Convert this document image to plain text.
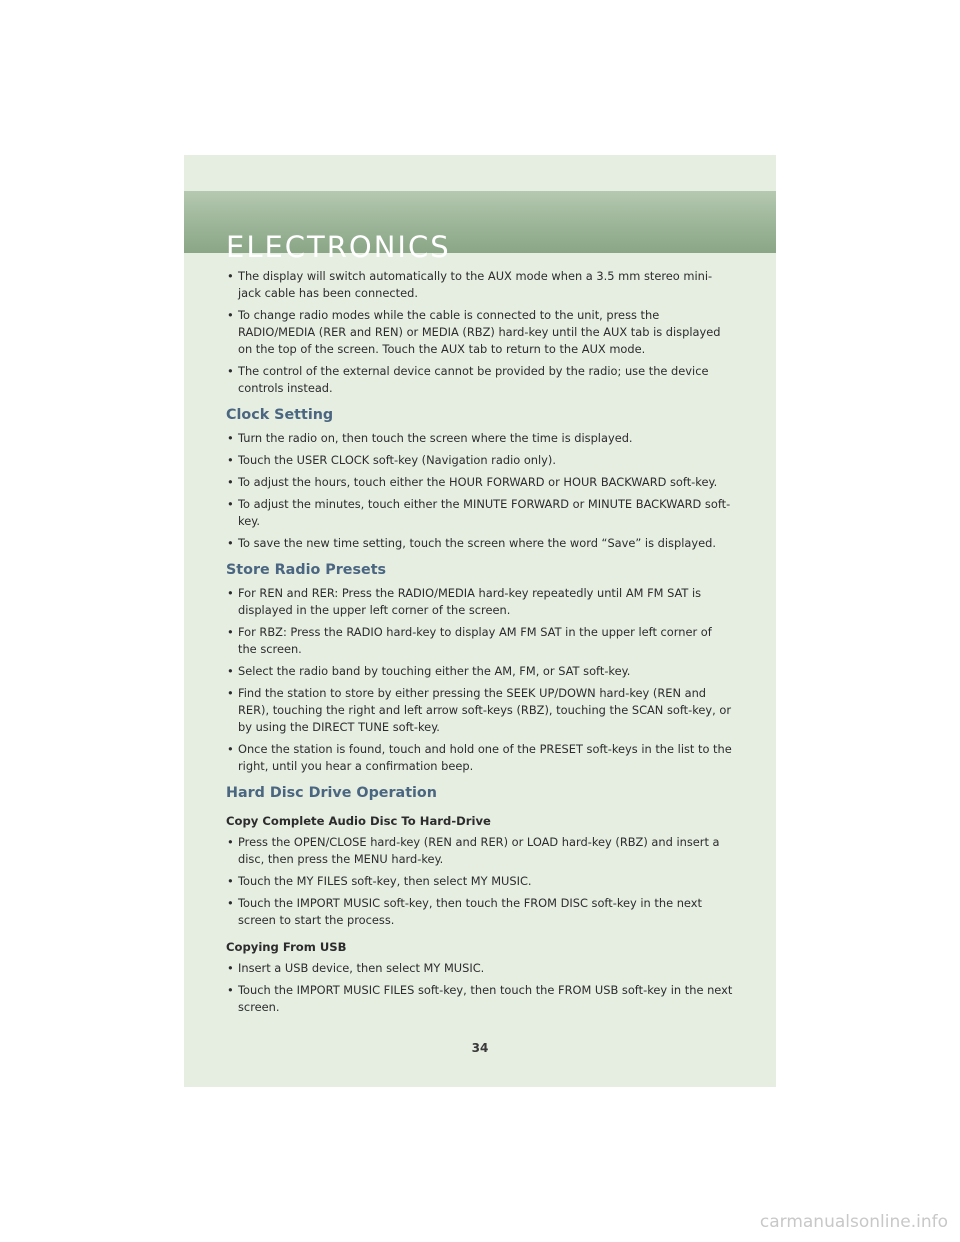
ELECTRONICS
• The display will switch automatically to the AUX mode when a 3.5 mm stereo mini-jack cable has been connected.
• To change radio modes while the cable is connected to the unit, press the RADIO/MEDIA (RER and REN) or MEDIA (RBZ) hard-key until the AUX tab is displayed on the top of the screen. Touch the AUX tab to return to the AUX mode.
• The control of the external device cannot be provided by the radio; use the device controls instead.
Clock Setting
• Turn the radio on, then touch the screen where the time is displayed.
• Touch the USER CLOCK soft-key (Navigation radio only).
• To adjust the hours, touch either the HOUR FORWARD or HOUR BACKWARD soft-key.
• To adjust the minutes, touch either the MINUTE FORWARD or MINUTE BACKWARD soft-key.
• To save the new time setting, touch the screen where the word “Save” is displayed.
Store Radio Presets
• For REN and RER: Press the RADIO/MEDIA hard-key repeatedly until AM FM SAT is displayed in the upper left corner of the screen.
• For RBZ: Press the RADIO hard-key to display AM FM SAT in the upper left corner of the screen.
• Select the radio band by touching either the AM, FM, or SAT soft-key.
• Find the station to store by either pressing the SEEK UP/DOWN hard-key (REN and RER), touching the right and left arrow soft-keys (RBZ), touching the SCAN soft-key, or by using the DIRECT TUNE soft-key.
• Once the station is found, touch and hold one of the PRESET soft-keys in the list to the right, until you hear a confirmation beep.
Hard Disc Drive Operation
Copy Complete Audio Disc To Hard-Drive
• Press the OPEN/CLOSE hard-key (REN and RER) or LOAD hard-key (RBZ) and insert a disc, then press the MENU hard-key.
• Touch the MY FILES soft-key, then select MY MUSIC.
• Touch the IMPORT MUSIC soft-key, then touch the FROM DISC soft-key in the next screen to start the process.
Copying From USB
• Insert a USB device, then select MY MUSIC.
• Touch the IMPORT MUSIC FILES soft-key, then touch the FROM USB soft-key in the next screen.
34
carmanualsonline.info
